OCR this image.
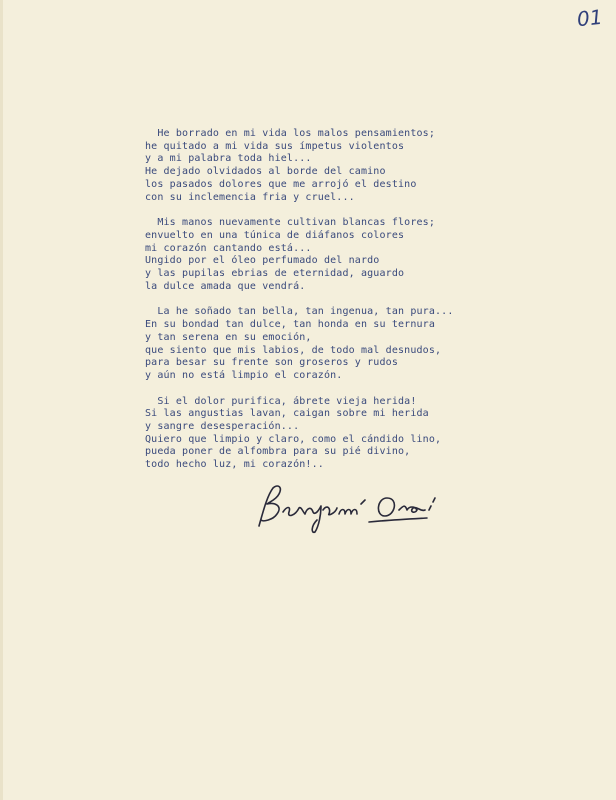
01
He borrado en mi vida los malos pensamientos;
he quitado a mi vida sus ímpetus violentos
y a mi palabra toda hiel...
He dejado olvidados al borde del camino
los pasados dolores que me arrojó el destino
con su inclemencia fria y cruel...
Mis manos nuevamente cultivan blancas flores;
envuelto en una túnica de diáfanos colores
mi corazón cantando está...
Ungido por el óleo perfumado del nardo
y las pupilas ebrias de eternidad, aguardo
la dulce amada que vendrá.
La he soñado tan bella, tan ingenua, tan pura...
En su bondad tan dulce, tan honda en su ternura
y tan serena en su emoción,
que siento que mis labios, de todo mal desnudos,
para besar su frente son groseros y rudos
y aún no está limpio el corazón.
Si el dolor purifica, ábrete vieja herida!
Si las angustias lavan, caigan sobre mi herida
y sangre desesperación...
Quiero que limpio y claro, como el cándido lino,
pueda poner de alfombra para su pié divino,
todo hecho luz, mi corazón!..
